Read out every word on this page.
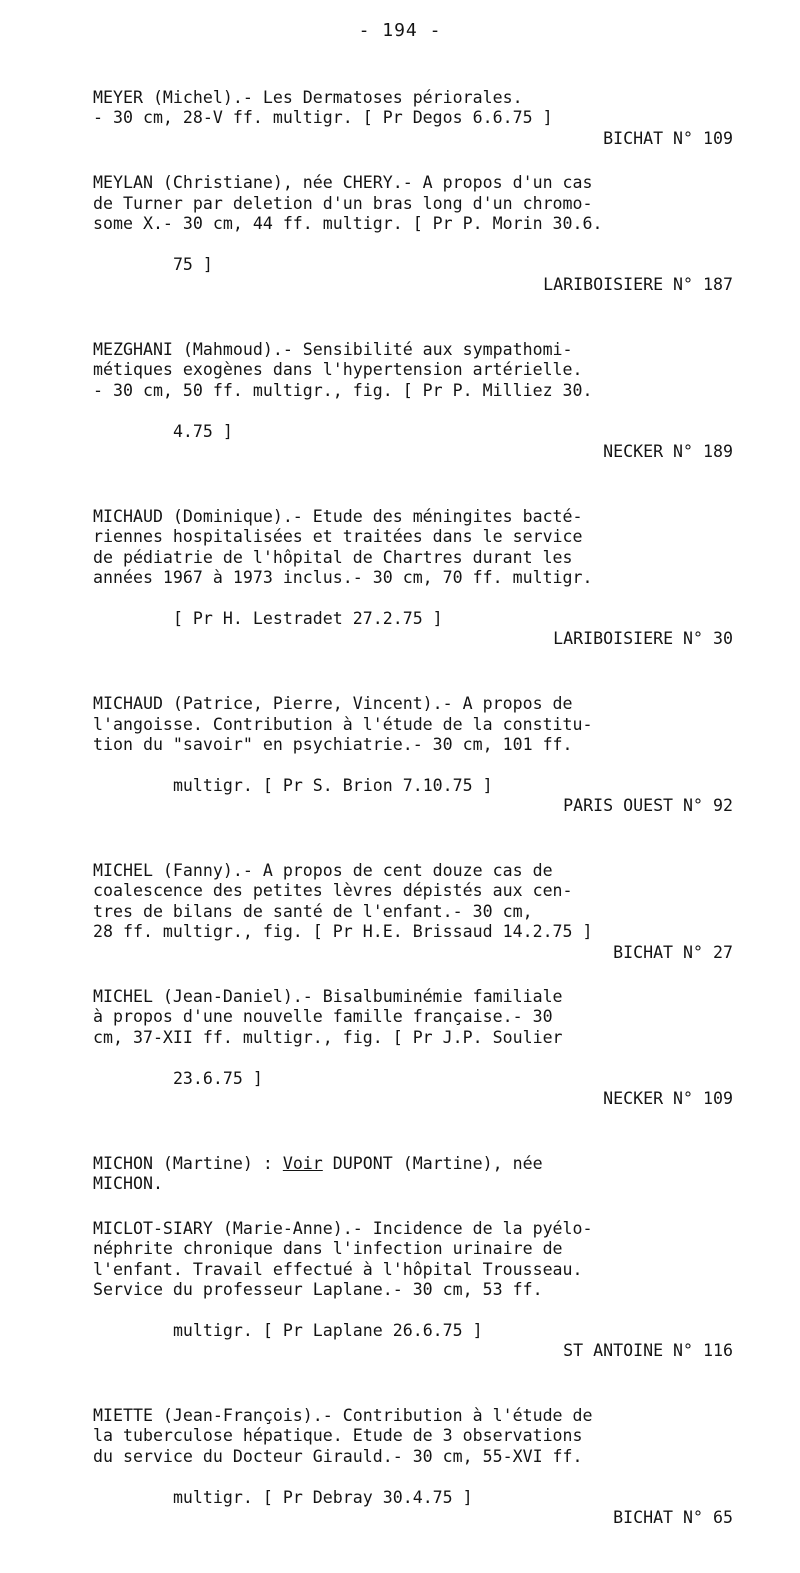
- 194 -
MEYER (Michel).- Les Dermatoses périorales.
- 30 cm, 28-V ff. multigr. [ Pr Degos 6.6.75 ]
BICHAT N° 109
MEYLAN (Christiane), née CHERY.- A propos d'un cas
de Turner par deletion d'un bras long d'un chromo-
some X.- 30 cm, 44 ff. multigr. [ Pr P. Morin 30.6.

75 ]

LARIBOISIERE N° 187

MEZGHANI (Mahmoud).- Sensibilité aux sympathomi-
métiques exogènes dans l'hypertension artérielle.
- 30 cm, 50 ff. multigr., fig. [ Pr P. Milliez 30.

4.75 ]

NECKER N° 189

MICHAUD (Dominique).- Etude des méningites bacté-
riennes hospitalisées et traitées dans le service
de pédiatrie de l'hôpital de Chartres durant les
années 1967 à 1973 inclus.- 30 cm, 70 ff. multigr.

[ Pr H. Lestradet 27.2.75 ]

LARIBOISIERE N° 30

MICHAUD (Patrice, Pierre, Vincent).- A propos de
l'angoisse. Contribution à l'étude de la constitu-
tion du "savoir" en psychiatrie.- 30 cm, 101 ff.

multigr. [ Pr S. Brion 7.10.75 ]

PARIS OUEST N° 92

MICHEL (Fanny).- A propos de cent douze cas de
coalescence des petites lèvres dépistés aux cen-
tres de bilans de santé de l'enfant.- 30 cm,
28 ff. multigr., fig. [ Pr H.E. Brissaud 14.2.75 ]
BICHAT N° 27
MICHEL (Jean-Daniel).- Bisalbuminémie familiale
à propos d'une nouvelle famille française.- 30
cm, 37-XII ff. multigr., fig. [ Pr J.P. Soulier

23.6.75 ]

NECKER N° 109

MICHON (Martine) : Voir DUPONT (Martine), née
MICHON.
MICLOT-SIARY (Marie-Anne).- Incidence de la pyélo-
néphrite chronique dans l'infection urinaire de
l'enfant. Travail effectué à l'hôpital Trousseau.
Service du professeur Laplane.- 30 cm, 53 ff.

multigr. [ Pr Laplane 26.6.75 ]

ST ANTOINE N° 116

MIETTE (Jean-François).- Contribution à l'étude de
la tuberculose hépatique. Etude de 3 observations
du service du Docteur Girauld.- 30 cm, 55-XVI ff.

multigr. [ Pr Debray 30.4.75 ]

BICHAT N° 65
